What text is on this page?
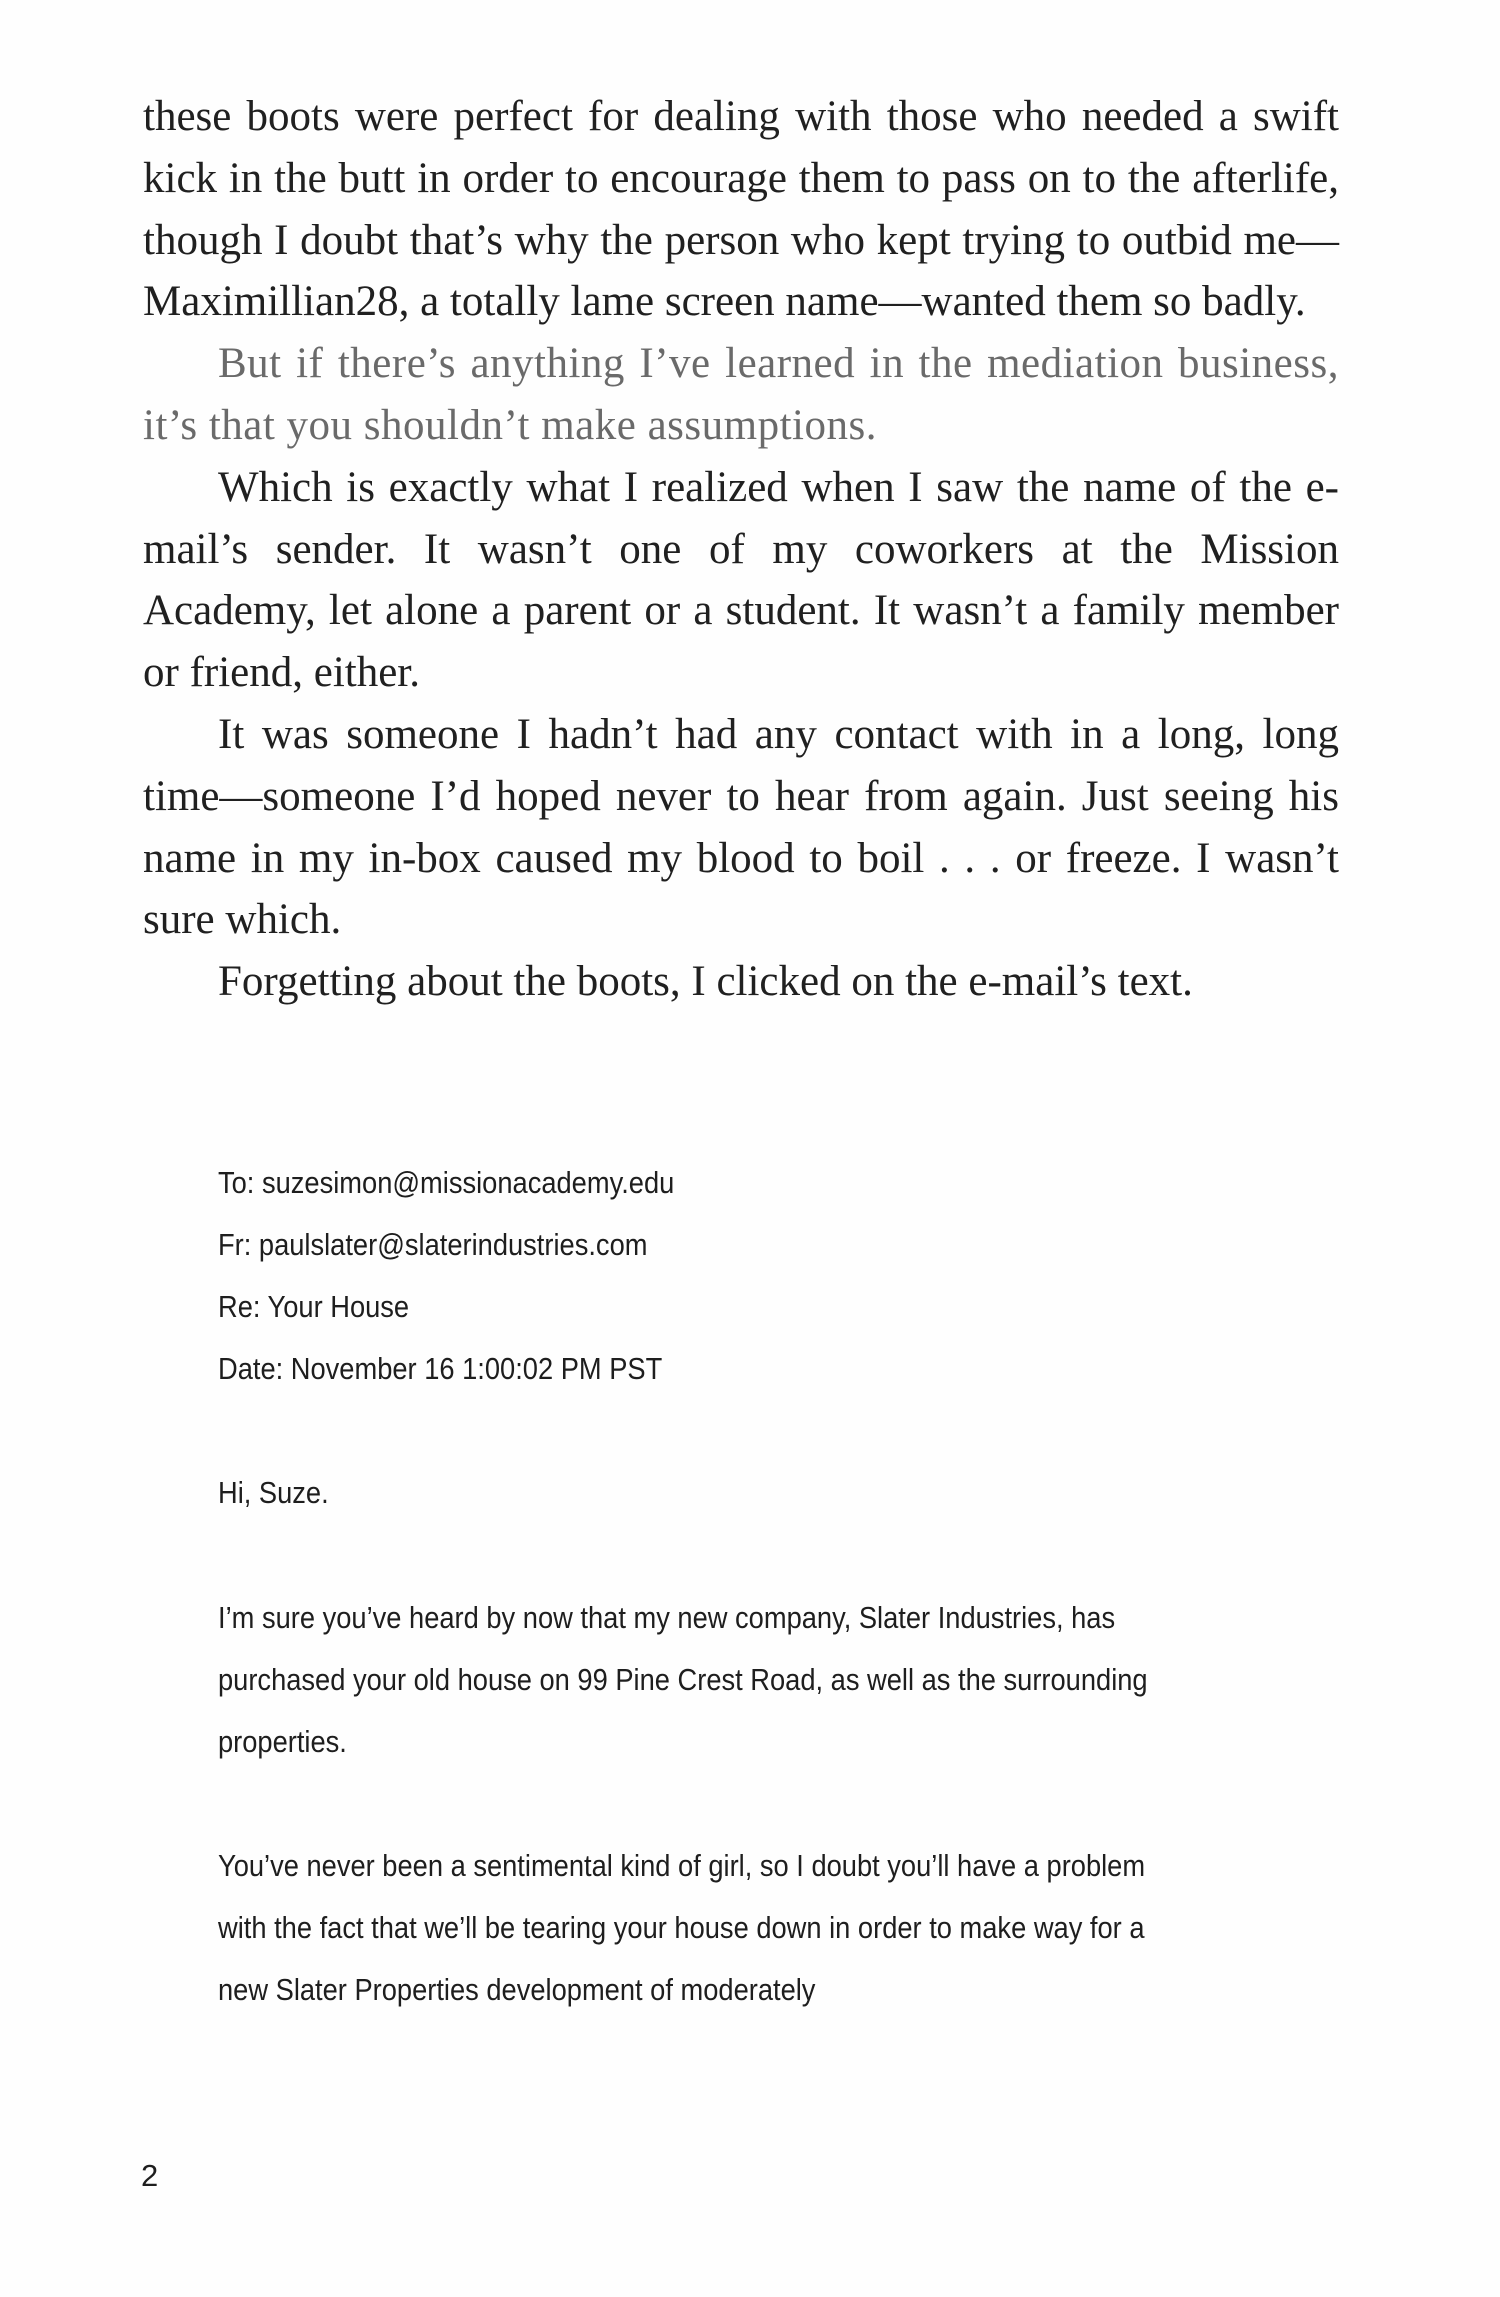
these boots were perfect for dealing with those who needed a swift kick in the butt in order to encourage them to pass on to the afterlife, though I doubt that’s why the person who kept trying to outbid me—Maximillian28, a totally lame screen name—wanted them so badly.

But if there’s anything I’ve learned in the mediation business, it’s that you shouldn’t make assumptions.

Which is exactly what I realized when I saw the name of the e-mail’s sender. It wasn’t one of my coworkers at the Mission Academy, let alone a parent or a student. It wasn’t a family member or friend, either.

It was someone I hadn’t had any contact with in a long, long time—someone I’d hoped never to hear from again. Just seeing his name in my in-box caused my blood to boil . . . or freeze. I wasn’t sure which.

Forgetting about the boots, I clicked on the e-mail’s text.

To: suzesimon@missionacademy.edu

Fr: paulslater@slaterindustries.com

Re: Your House

Date: November 16 1:00:02 PM PST

Hi, Suze.

I’m sure you’ve heard by now that my new company, Slater Industries, has purchased your old house on 99 Pine Crest Road, as well as the surrounding properties.

You’ve never been a sentimental kind of girl, so I doubt you’ll have a problem with the fact that we’ll be tearing your house down in order to make way for a new Slater Properties development of moderately

2
